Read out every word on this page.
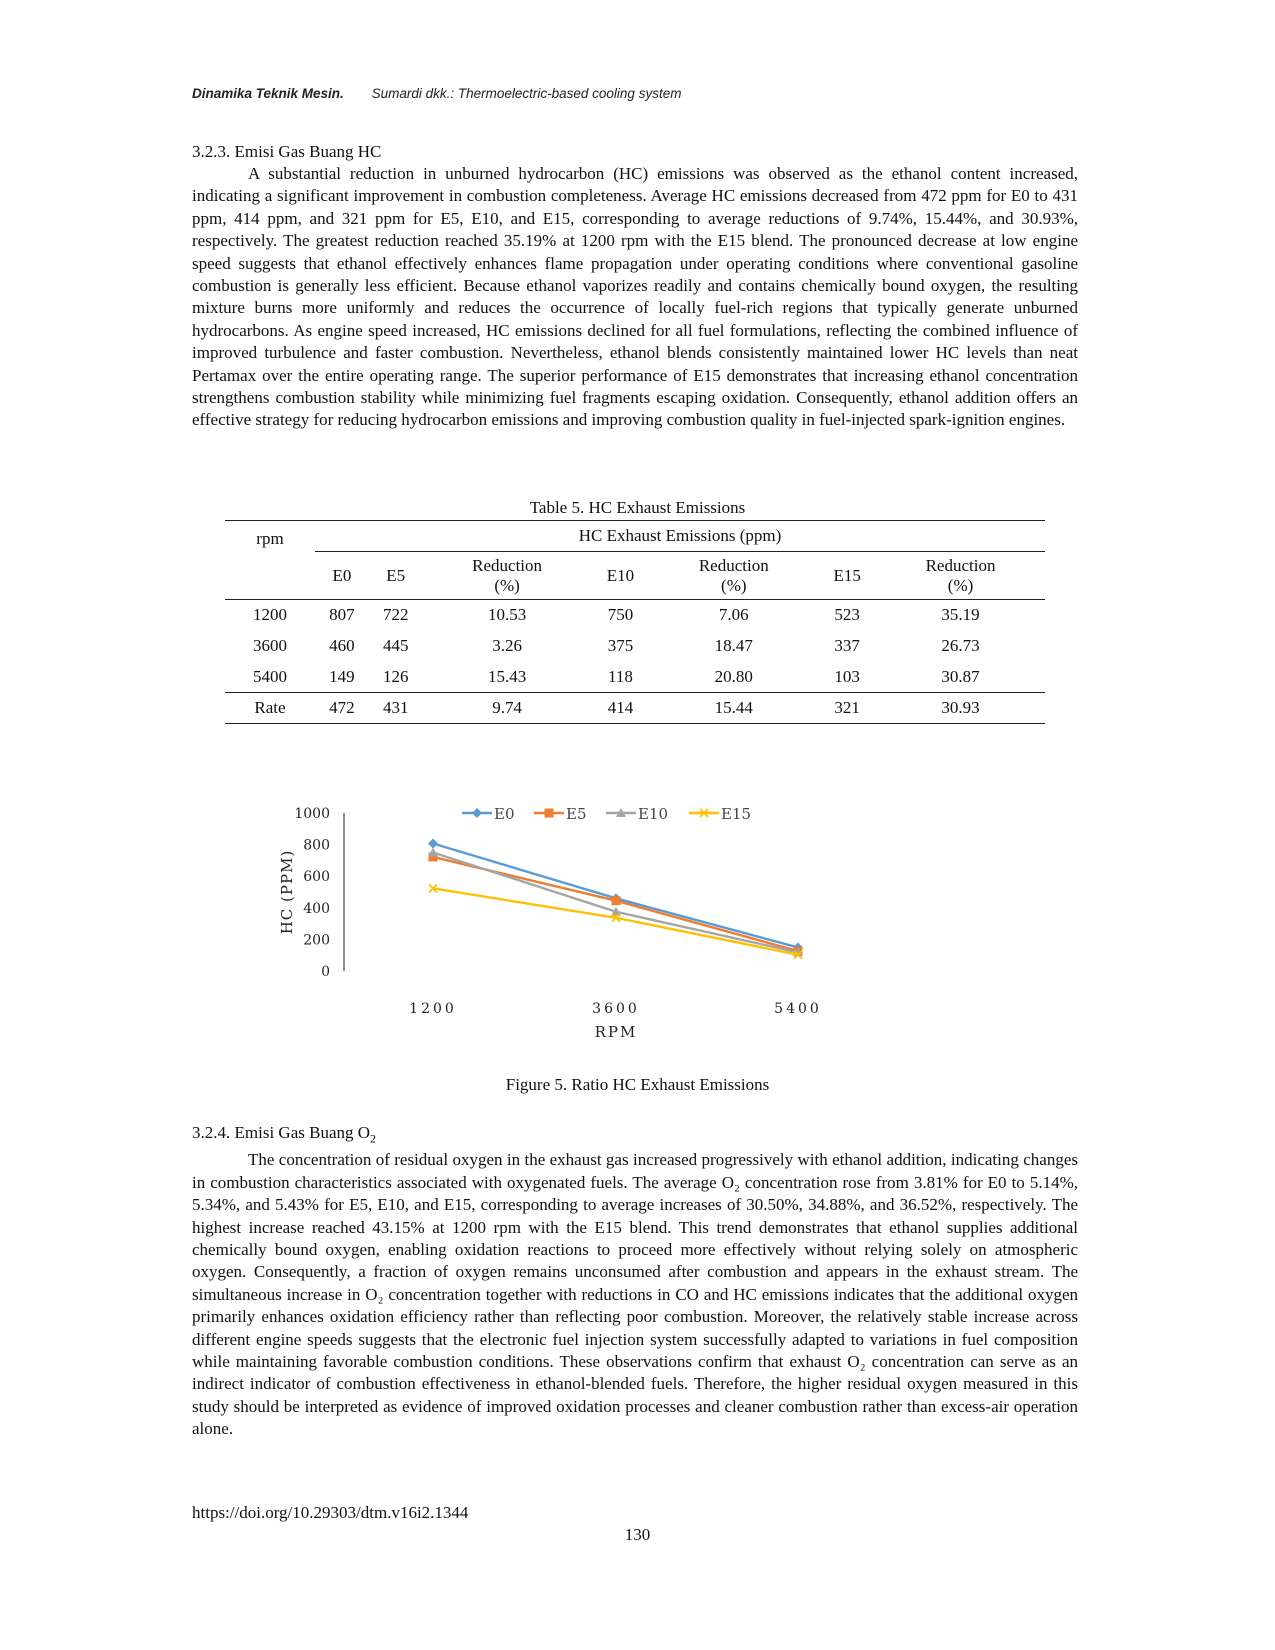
Dinamika Teknik Mesin. Sumardi dkk.: Thermoelectric-based cooling system
3.2.3. Emisi Gas Buang HC

A substantial reduction in unburned hydrocarbon (HC) emissions was observed as the ethanol content increased, indicating a significant improvement in combustion completeness. Average HC emissions decreased from 472 ppm for E0 to 431 ppm, 414 ppm, and 321 ppm for E5, E10, and E15, corresponding to average reductions of 9.74%, 15.44%, and 30.93%, respectively. The greatest reduction reached 35.19% at 1200 rpm with the E15 blend. The pronounced decrease at low engine speed suggests that ethanol effectively enhances flame propagation under operating conditions where conventional gasoline combustion is generally less efficient. Because ethanol vaporizes readily and contains chemically bound oxygen, the resulting mixture burns more uniformly and reduces the occurrence of locally fuel-rich regions that typically generate unburned hydrocarbons. As engine speed increased, HC emissions declined for all fuel formulations, reflecting the combined influence of improved turbulence and faster combustion. Nevertheless, ethanol blends consistently maintained lower HC levels than neat Pertamax over the entire operating range. The superior performance of E15 demonstrates that increasing ethanol concentration strengthens combustion stability while minimizing fuel fragments escaping oxidation. Consequently, ethanol addition offers an effective strategy for reducing hydrocarbon emissions and improving combustion quality in fuel-injected spark-ignition engines.

Table 5. HC Exhaust Emissions
rpm	HC Exhaust Emissions (ppm)						
	E0	E5	Reduction (%)	E10	Reduction (%)	E15	Reduction (%)
1200	807	722	10.53	750	7.06	523	35.19
3600	460	445	3.26	375	18.47	337	26.73
5400	149	126	15.43	118	20.80	103	30.87
Rate	472	431	9.74	414	15.44	321	30.93
0
200
400
600
800
1000
HC (PPM)
1200	3600	5400
RPM
E0	E5	E10	E15
Figure 5. Ratio HC Exhaust Emissions
3.2.4. Emisi Gas Buang $O_2$

The concentration of residual oxygen in the exhaust gas increased progressively with ethanol addition, indicating changes in combustion characteristics associated with oxygenated fuels. The average O₂ concentration rose from 3.81% for E0 to 5.14%, 5.34%, and 5.43% for E5, E10, and E15, corresponding to average increases of 30.50%, 34.88%, and 36.52%, respectively. The highest increase reached 43.15% at 1200 rpm with the E15 blend. This trend demonstrates that ethanol supplies additional chemically bound oxygen, enabling oxidation reactions to proceed more effectively without relying solely on atmospheric oxygen. Consequently, a fraction of oxygen remains unconsumed after combustion and appears in the exhaust stream. The simultaneous increase in O₂ concentration together with reductions in CO and HC emissions indicates that the additional oxygen primarily enhances oxidation efficiency rather than reflecting poor combustion. Moreover, the relatively stable increase across different engine speeds suggests that the electronic fuel injection system successfully adapted to variations in fuel composition while maintaining favorable combustion conditions. These observations confirm that exhaust O₂ concentration can serve as an indirect indicator of combustion effectiveness in ethanol-blended fuels. Therefore, the higher residual oxygen measured in this study should be interpreted as evidence of improved oxidation processes and cleaner combustion rather than excess-air operation alone.

https://doi.org/10.29303/dtm.v16i2.1344
130
